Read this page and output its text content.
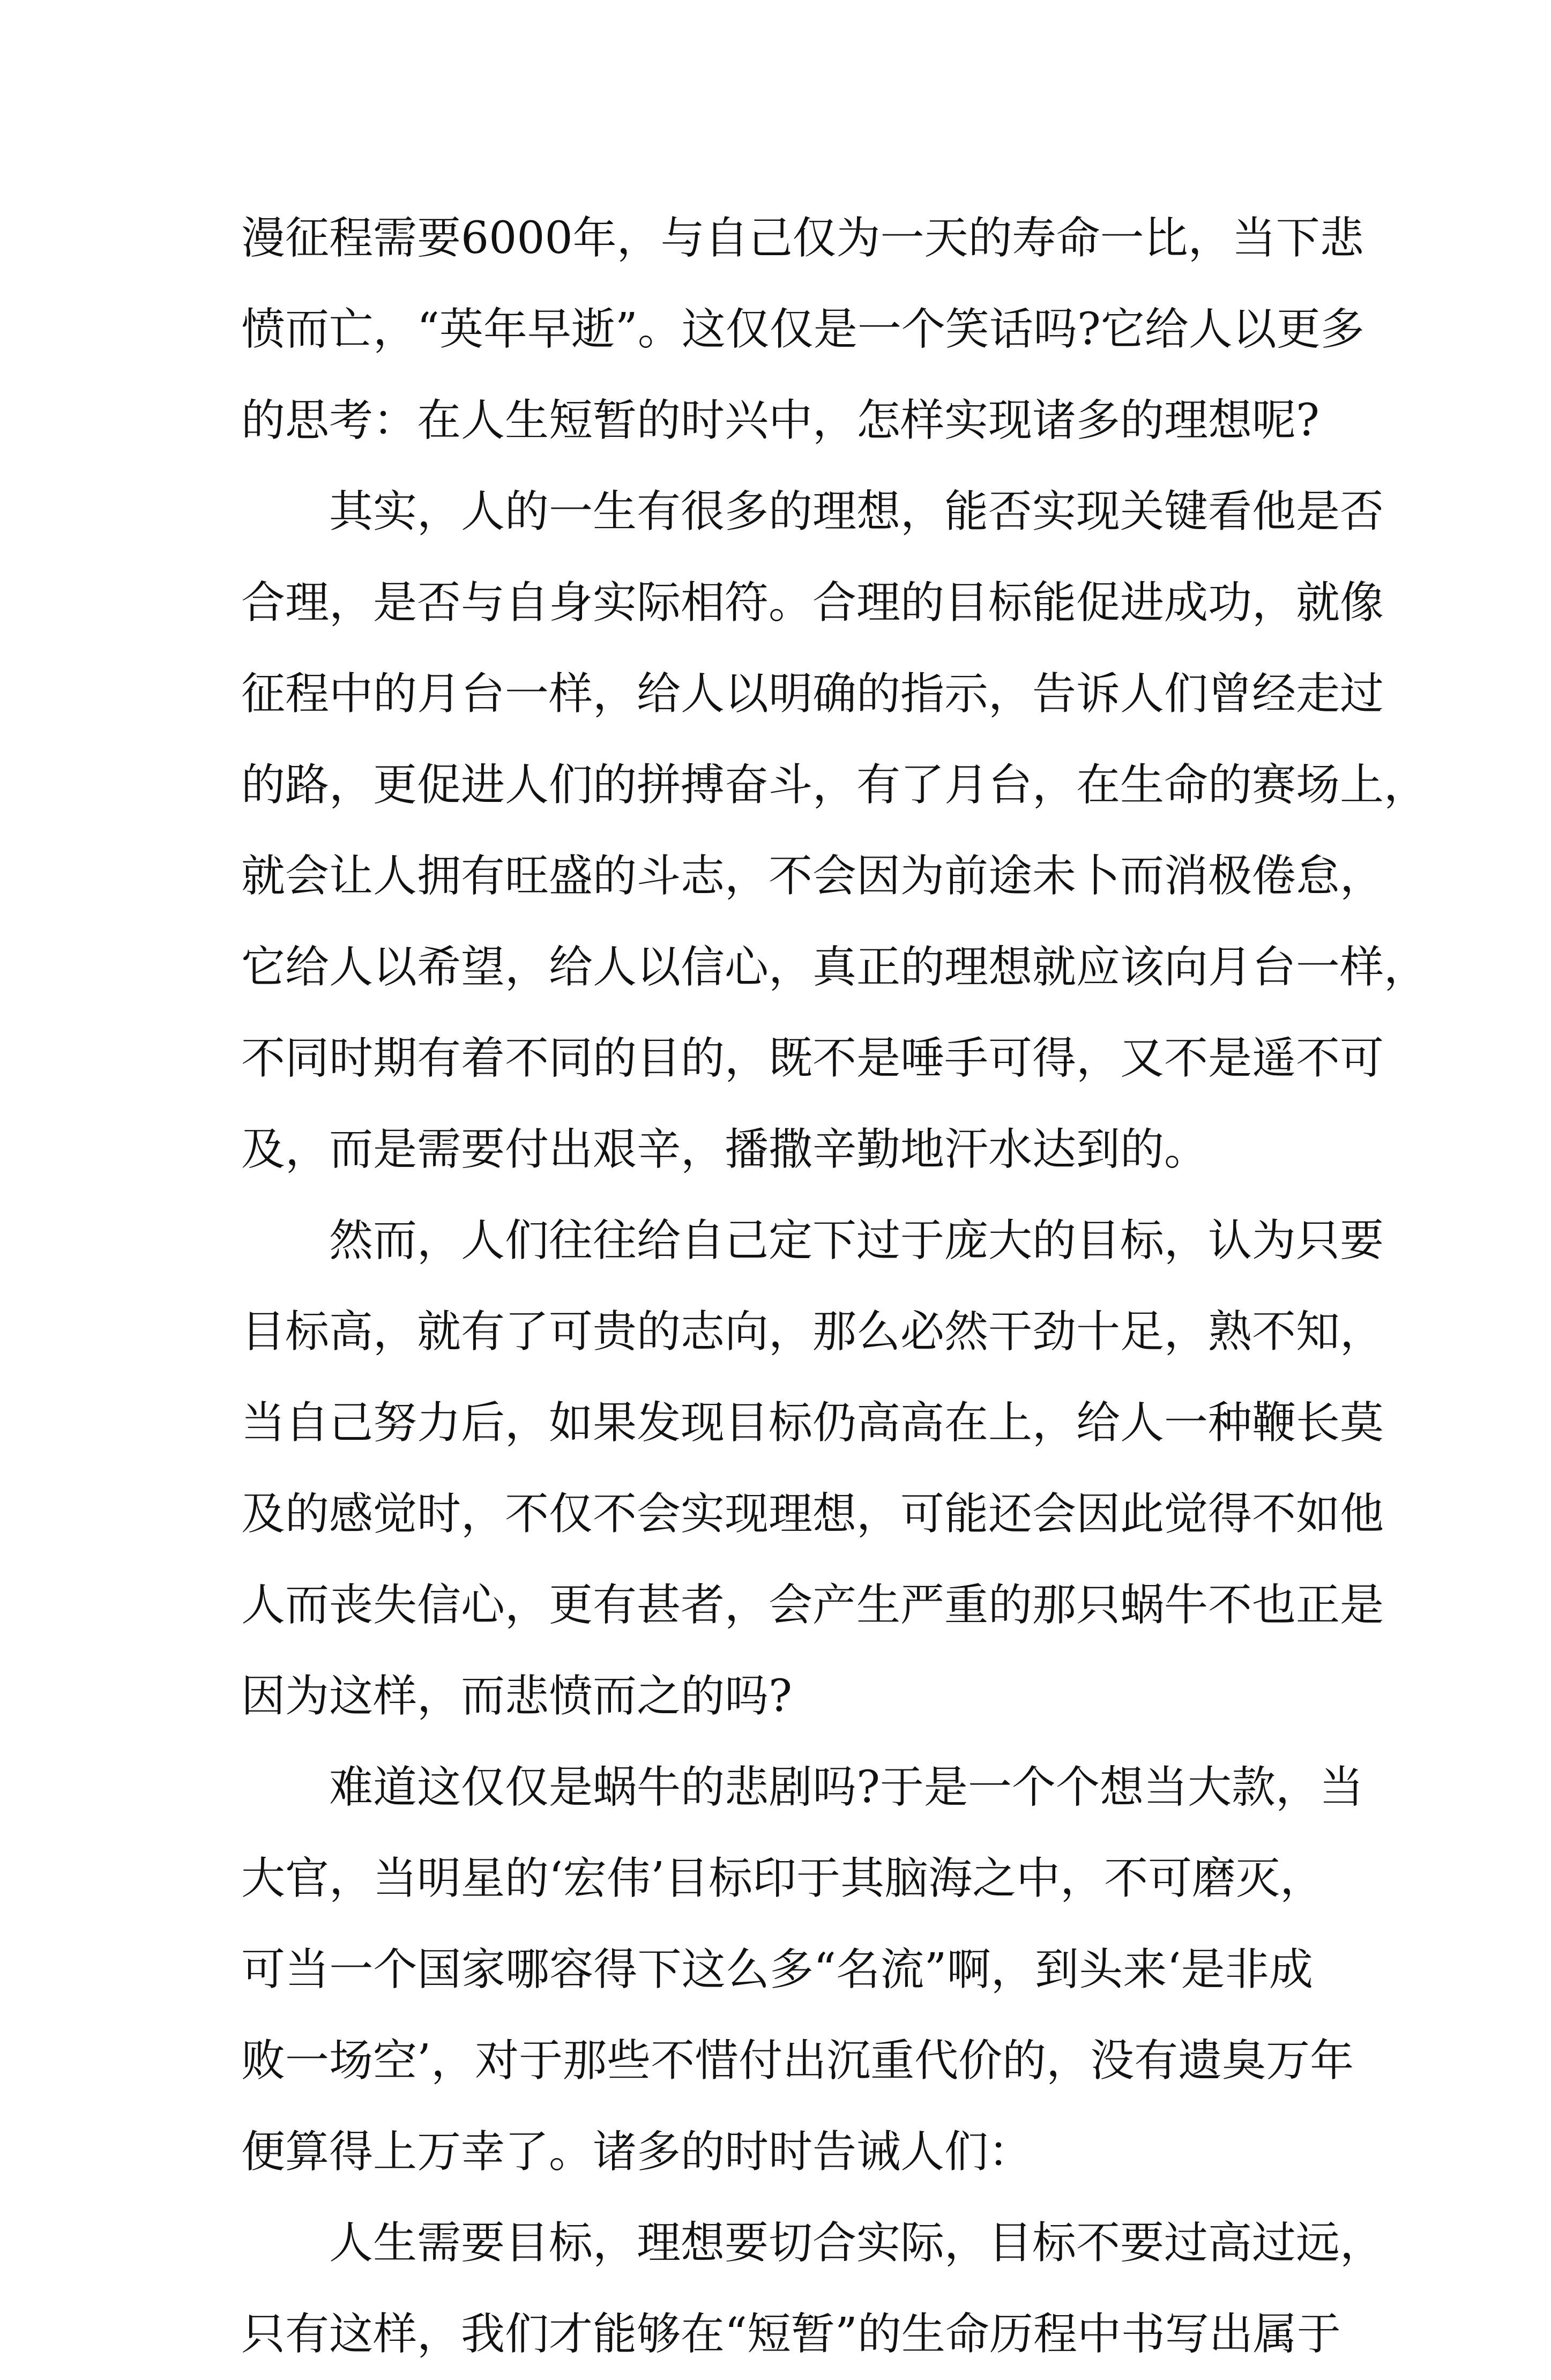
漫征程需要6000年，与自己仅为一天的寿命一比，当下悲
愤而亡，“英年早逝”。这仅仅是一个笑话吗?它给人以更多
的思考：在人生短暂的时兴中，怎样实现诸多的理想呢?
其实，人的一生有很多的理想，能否实现关键看他是否
合理，是否与自身实际相符。合理的目标能促进成功，就像
征程中的月台一样，给人以明确的指示，告诉人们曾经走过
的路，更促进人们的拼搏奋斗，有了月台，在生命的赛场上，
就会让人拥有旺盛的斗志，不会因为前途未卜而消极倦怠，
它给人以希望，给人以信心，真正的理想就应该向月台一样，
不同时期有着不同的目的，既不是唾手可得，又不是遥不可
及，而是需要付出艰辛，播撒辛勤地汗水达到的。
然而，人们往往给自己定下过于庞大的目标，认为只要
目标高，就有了可贵的志向，那么必然干劲十足，熟不知，
当自己努力后，如果发现目标仍高高在上，给人一种鞭长莫
及的感觉时，不仅不会实现理想，可能还会因此觉得不如他
人而丧失信心，更有甚者，会产生严重的那只蜗牛不也正是
因为这样，而悲愤而之的吗?
难道这仅仅是蜗牛的悲剧吗?于是一个个想当大款，当
大官，当明星的‘宏伟’目标印于其脑海之中，不可磨灭，
可当一个国家哪容得下这么多“名流”啊，到头来‘是非成
败一场空’，对于那些不惜付出沉重代价的，没有遗臭万年
便算得上万幸了。诸多的时时告诫人们：
人生需要目标，理想要切合实际，目标不要过高过远，
只有这样，我们才能够在“短暂”的生命历程中书写出属于
